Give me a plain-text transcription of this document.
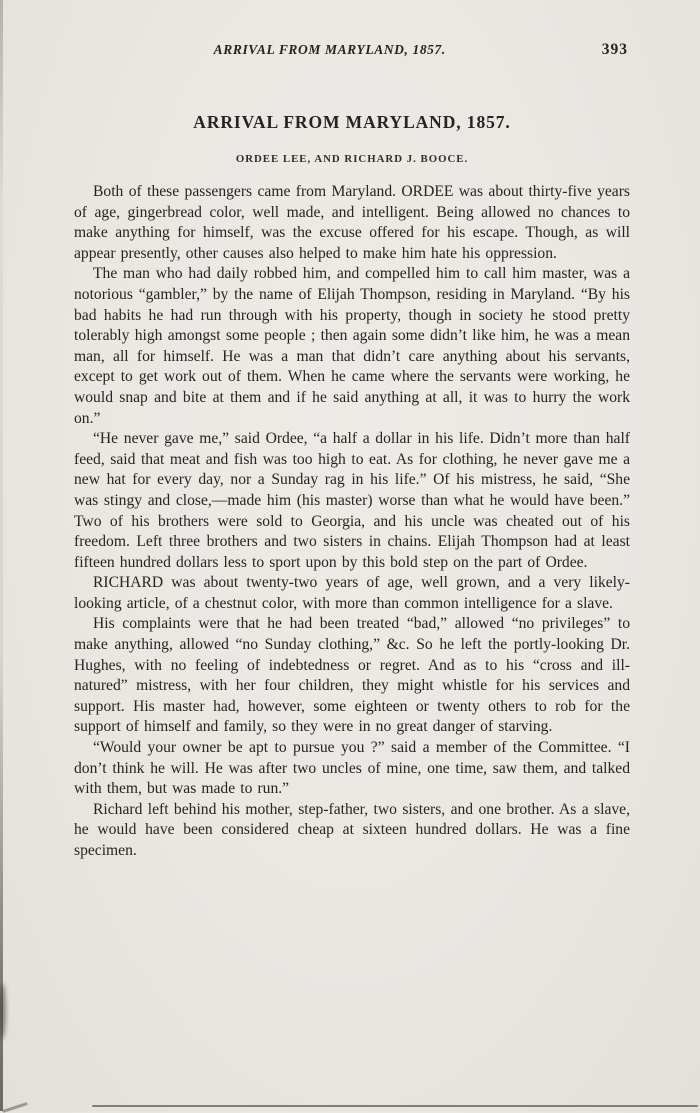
ARRIVAL FROM MARYLAND, 1857.	393
ARRIVAL FROM MARYLAND, 1857.
ORDEE LEE, AND RICHARD J. BOOCE.

Both of these passengers came from Maryland. ORDEE was about thirty-five years of age, gingerbread color, well made, and intelligent. Being allowed no chances to make anything for himself, was the excuse offered for his escape. Though, as will appear presently, other causes also helped to make him hate his oppression.

The man who had daily robbed him, and compelled him to call him master, was a notorious “gambler,” by the name of Elijah Thompson, residing in Maryland. “By his bad habits he had run through with his property, though in society he stood pretty tolerably high amongst some people ; then again some didn’t like him, he was a mean man, all for himself. He was a man that didn’t care anything about his servants, except to get work out of them. When he came where the servants were working, he would snap and bite at them and if he said anything at all, it was to hurry the work on.”

“He never gave me,” said Ordee, “a half a dollar in his life. Didn’t more than half feed, said that meat and fish was too high to eat. As for clothing, he never gave me a new hat for every day, nor a Sunday rag in his life.” Of his mistress, he said, “She was stingy and close,—made him (his master) worse than what he would have been.” Two of his brothers were sold to Georgia, and his uncle was cheated out of his freedom. Left three brothers and two sisters in chains. Elijah Thompson had at least fifteen hundred dollars less to sport upon by this bold step on the part of Ordee.

RICHARD was about twenty-two years of age, well grown, and a very likely-looking article, of a chestnut color, with more than common intelligence for a slave.

His complaints were that he had been treated “bad,” allowed “no privileges” to make anything, allowed “no Sunday clothing,” &c. So he left the portly-looking Dr. Hughes, with no feeling of indebtedness or regret. And as to his “cross and ill-natured” mistress, with her four children, they might whistle for his services and support. His master had, however, some eighteen or twenty others to rob for the support of himself and family, so they were in no great danger of starving.

“Would your owner be apt to pursue you ?” said a member of the Committee. “I don’t think he will. He was after two uncles of mine, one time, saw them, and talked with them, but was made to run.”

Richard left behind his mother, step-father, two sisters, and one brother. As a slave, he would have been considered cheap at sixteen hundred dollars. He was a fine specimen.
